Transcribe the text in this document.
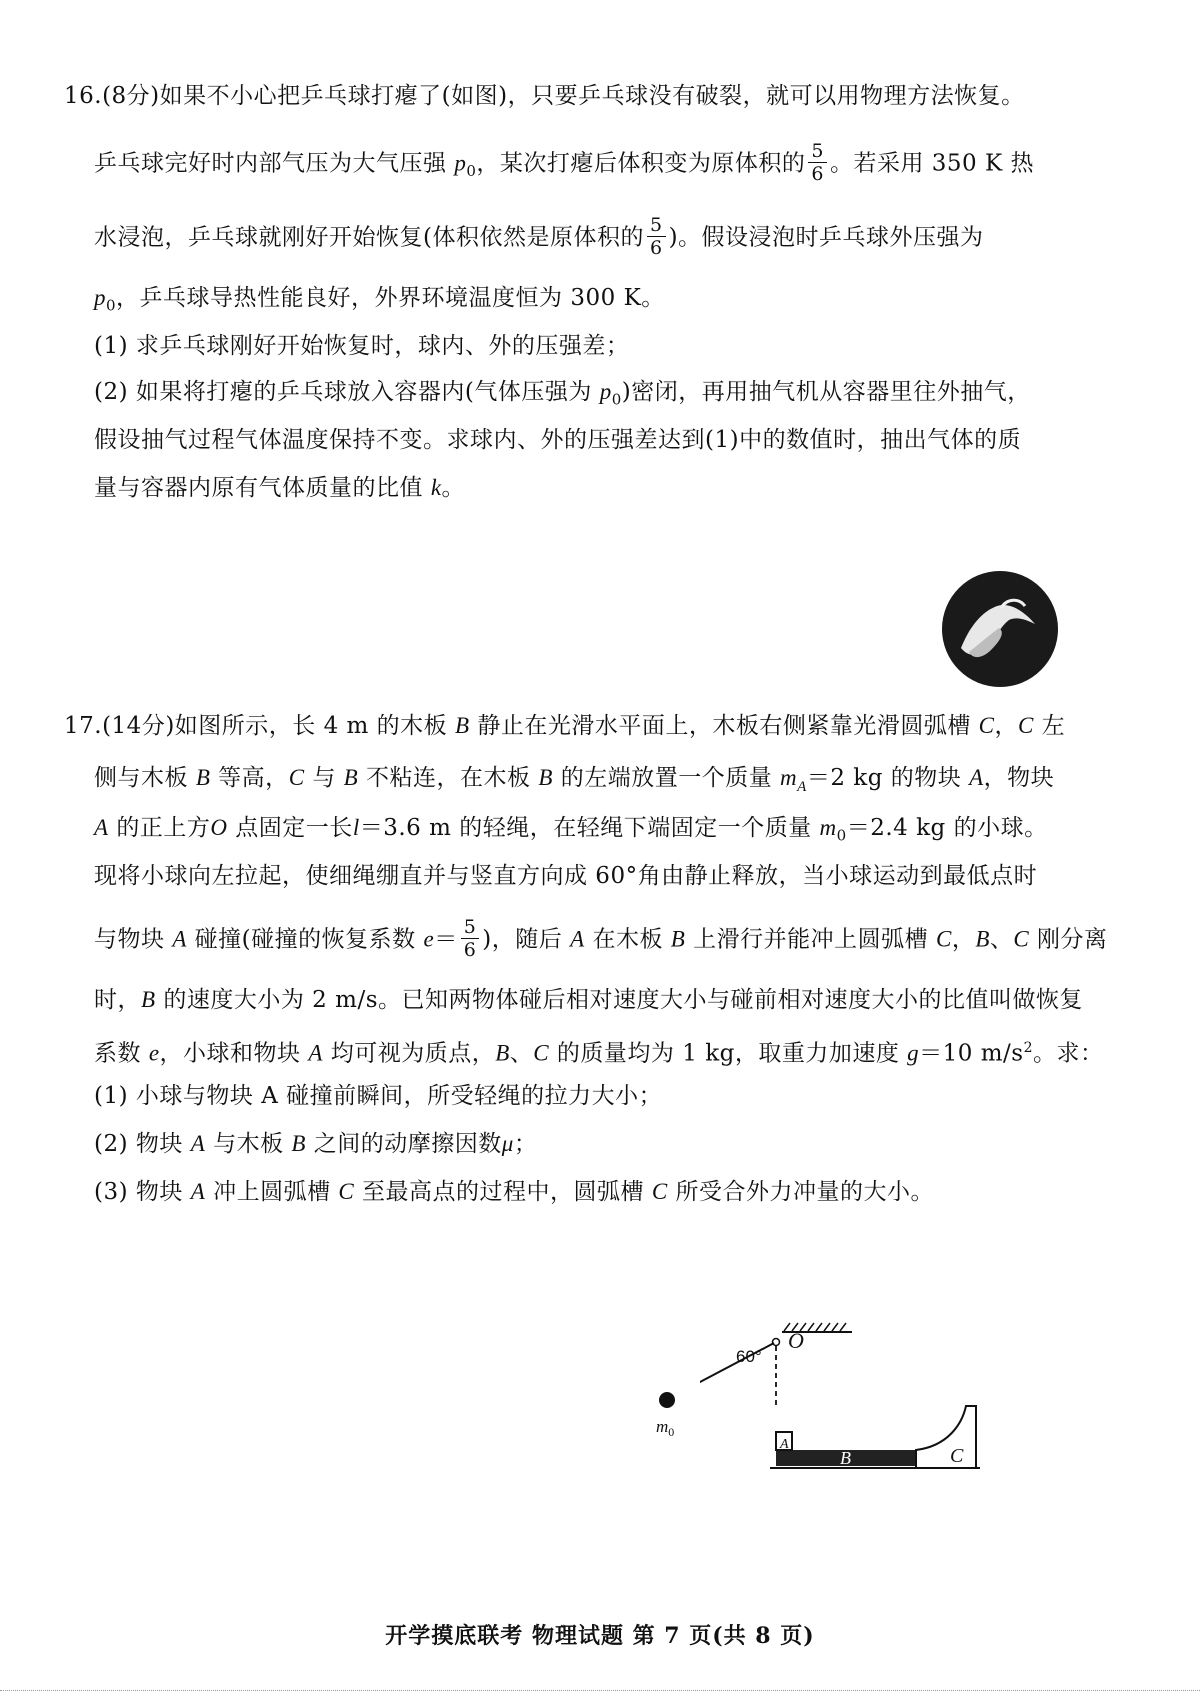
16.(8分)如果不小心把乒乓球打瘪了(如图)，只要乒乓球没有破裂，就可以用物理方法恢复。
乒乓球完好时内部气压为大气压强 $p_0$，某次打瘪后体积变为原体积的 $\frac{5}{6}$ 。若采用 350 K 热
水浸泡，乒乓球就刚好开始恢复(体积依然是原体积的 $\frac{5}{6}$ )。假设浸泡时乒乓球外压强为
$p_0$，乒乓球导热性能良好，外界环境温度恒为 300 K。
(1) 求乒乓球刚好开始恢复时，球内、外的压强差；
(2) 如果将打瘪的乒乓球放入容器内(气体压强为 $p_0$)密闭，再用抽气机从容器里往外抽气，
假设抽气过程气体温度保持不变。求球内、外的压强差达到(1)中的数值时，抽出气体的质
量与容器内原有气体质量的比值 k。
17.(14分)如图所示，长 4 m 的木板 B 静止在光滑水平面上，木板右侧紧靠光滑圆弧槽 C，C 左
侧与木板 B 等高，C 与 B 不粘连，在木板 B 的左端放置一个质量 $m_A=2$ kg 的物块 A，物块
A 的正上方O 点固定一长l＝3.6 m 的轻绳，在轻绳下端固定一个质量 $m_0=2.4$ kg 的小球。
现将小球向左拉起，使细绳绷直并与竖直方向成 60°角由静止释放，当小球运动到最低点时
与物块 A 碰撞(碰撞的恢复系数 $e= \frac{5}{6}$ )，随后 A 在木板 B 上滑行并能冲上圆弧槽 C，B、C 刚分离
时，B 的速度大小为 2 m/s。已知两物体碰后相对速度大小与碰前相对速度大小的比值叫做恢复
系数 e，小球和物块 A 均可视为质点，B、C 的质量均为 1 kg，取重力加速度 g＝10 $m/s^2$。求：
(1) 小球与物块 A 碰撞前瞬间，所受轻绳的拉力大小；
(2) 物块 A 与木板 B 之间的动摩擦因数μ；
(3) 物块 A 冲上圆弧槽 C 至最高点的过程中，圆弧槽 C 所受合外力冲量的大小。
60°
O
$m_0$
A
B	C
开学摸底联考 物理试题 第 7 页(共 8 页)
